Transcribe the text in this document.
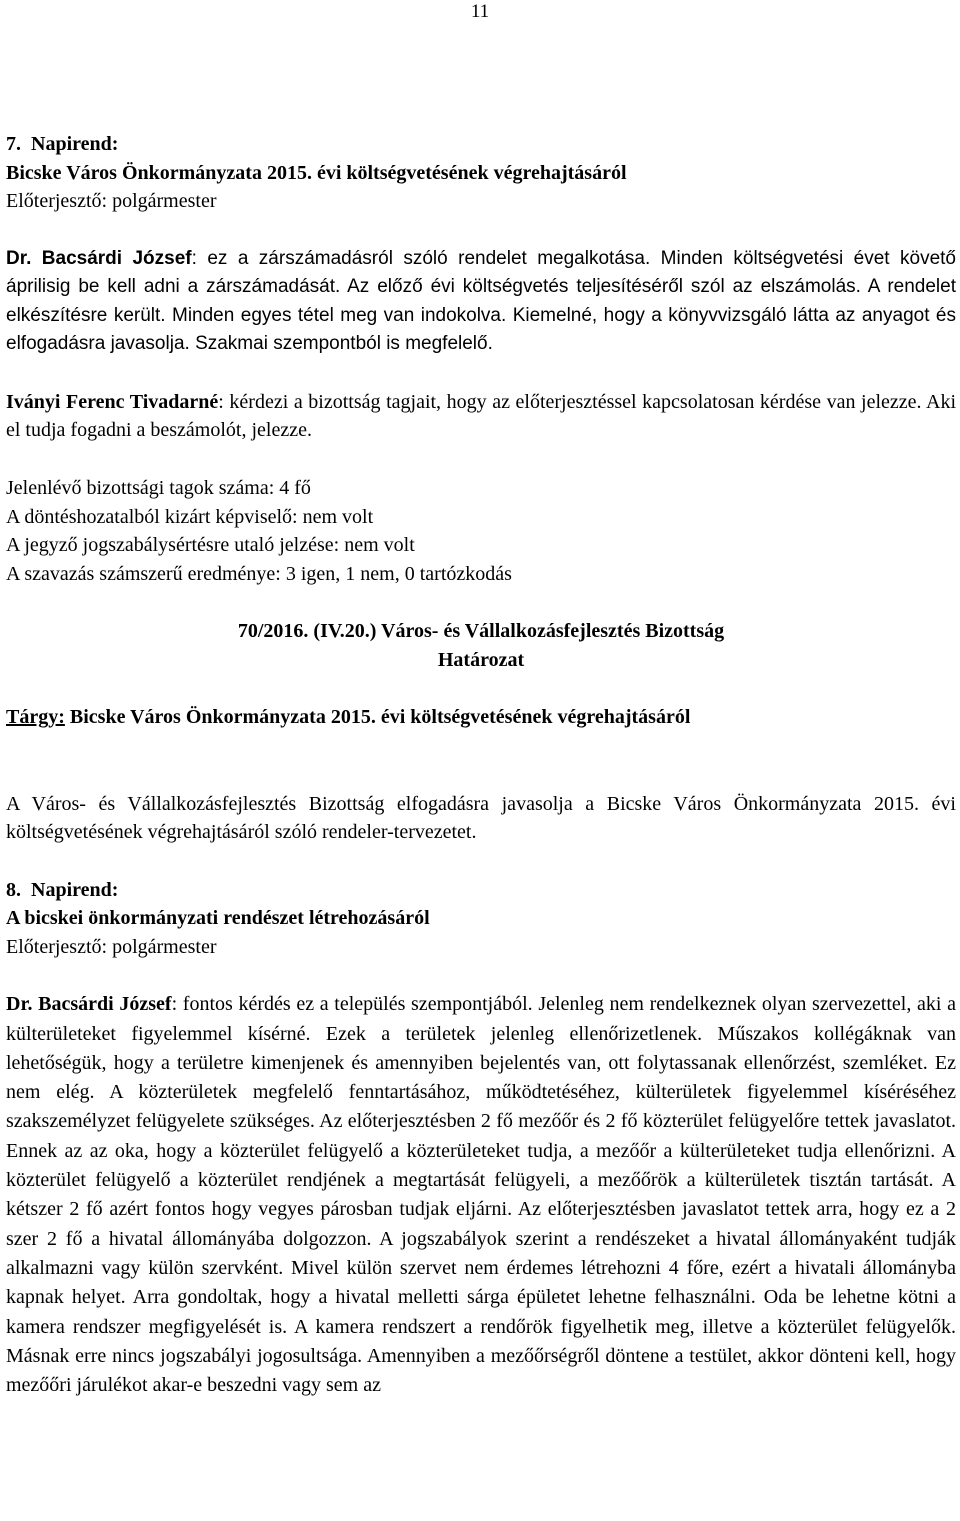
11

7. Napirend:

Bicske Város Önkormányzata 2015. évi költségvetésének végrehajtásáról

Előterjesztő: polgármester

Dr. Bacsárdi József: ez a zárszámadásról szóló rendelet megalkotása. Minden költségvetési évet követő áprilisig be kell adni a zárszámadását. Az előző évi költségvetés teljesítéséről szól az elszámolás. A rendelet elkészítésre került. Minden egyes tétel meg van indokolva. Kiemelné, hogy a könyvvizsgáló látta az anyagot és elfogadásra javasolja. Szakmai szempontból is megfelelő.

Iványi Ferenc Tivadarné: kérdezi a bizottság tagjait, hogy az előterjesztéssel kapcsolatosan kérdése van jelezze. Aki el tudja fogadni a beszámolót, jelezze.

Jelenlévő bizottsági tagok száma: 4 fő

A döntéshozatalból kizárt képviselő: nem volt

A jegyző jogszabálysértésre utaló jelzése: nem volt

A szavazás számszerű eredménye: 3 igen, 1 nem, 0 tartózkodás

70/2016. (IV.20.) Város- és Vállalkozásfejlesztés Bizottság

Határozat

Tárgy: Bicske Város Önkormányzata 2015. évi költségvetésének végrehajtásáról

A Város- és Vállalkozásfejlesztés Bizottság elfogadásra javasolja a Bicske Város Önkormányzata 2015. évi költségvetésének végrehajtásáról szóló rendeler-tervezetet.

8. Napirend:

A bicskei önkormányzati rendészet létrehozásáról

Előterjesztő: polgármester

Dr. Bacsárdi József: fontos kérdés ez a település szempontjából. Jelenleg nem rendelkeznek olyan szervezettel, aki a külterületeket figyelemmel kísérné. Ezek a területek jelenleg ellenőrizetlenek. Műszakos kollégáknak van lehetőségük, hogy a területre kimenjenek és amennyiben bejelentés van, ott folytassanak ellenőrzést, szemléket. Ez nem elég. A közterületek megfelelő fenntartásához, működtetéséhez, külterületek figyelemmel kíséréséhez szakszemélyzet felügyelete szükséges. Az előterjesztésben 2 fő mezőőr és 2 fő közterület felügyelőre tettek javaslatot. Ennek az az oka, hogy a közterület felügyelő a közterületeket tudja, a mezőőr a külterületeket tudja ellenőrizni. A közterület felügyelő a közterület rendjének a megtartását felügyeli, a mezőőrök a külterületek tisztán tartását. A kétszer 2 fő azért fontos hogy vegyes párosban tudjak eljárni. Az előterjesztésben javaslatot tettek arra, hogy ez a 2 szer 2 fő a hivatal állományába dolgozzon. A jogszabályok szerint a rendészeket a hivatal állományaként tudják alkalmazni vagy külön szervként. Mivel külön szervet nem érdemes létrehozni 4 főre, ezért a hivatali állományba kapnak helyet. Arra gondoltak, hogy a hivatal melletti sárga épületet lehetne felhasználni. Oda be lehetne kötni a kamera rendszer megfigyelését is. A kamera rendszert a rendőrök figyelhetik meg, illetve a közterület felügyelők. Másnak erre nincs jogszabályi jogosultsága. Amennyiben a mezőőrségről döntene a testület, akkor dönteni kell, hogy mezőőri járulékot akar-e beszedni vagy sem az
